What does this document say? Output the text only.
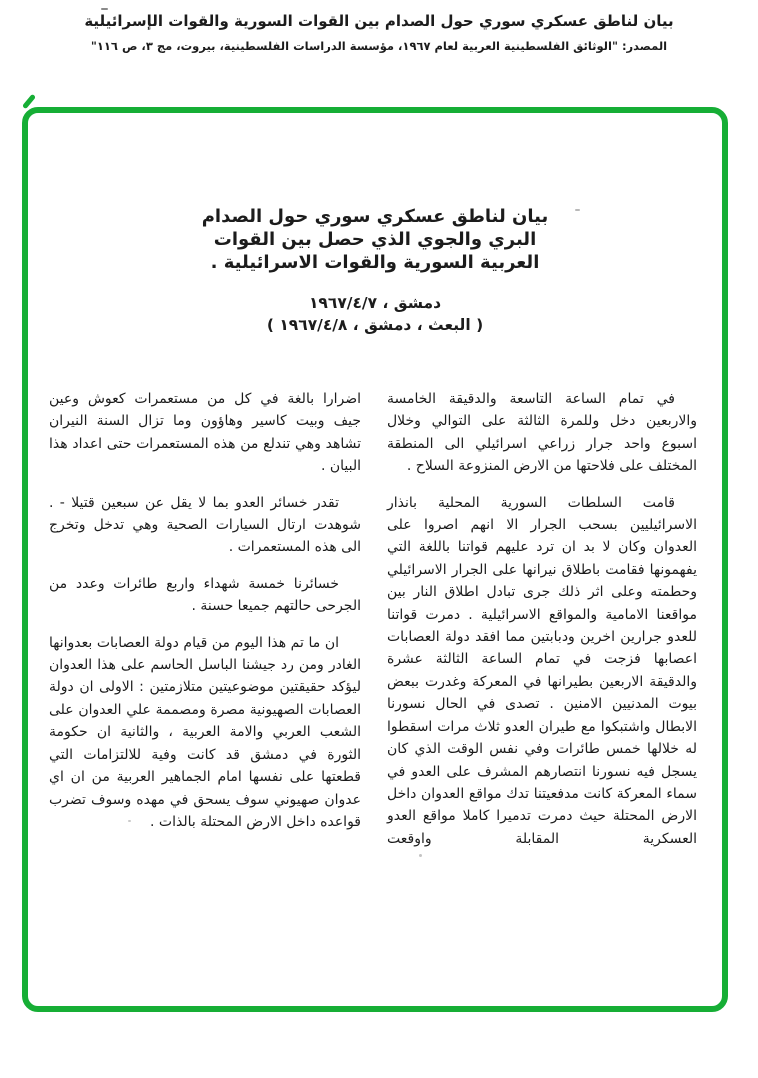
بيان لناطق عسكري سوري حول الصدام بين القوات السورية والقوات الإسرائيلية

المصدر: "الوثائق الفلسطينية العربية لعام ١٩٦٧، مؤسسة الدراسات الفلسطينية، بيروت، مج ٣، ص ١١٦"

بيان لناطق عسكري سوري حول الصدام
البري والجوي الذي حصل بين القوات
العربية السورية والقوات الاسرائيلية .
دمشق ، ١٩٦٧/٤/٧
( البعث ، دمشق ، ١٩٦٧/٤/٨ )

في تمام الساعة التاسعة والدقيقة الخامسة والاربعين دخل وللمرة الثالثة على التوالي وخلال اسبوع واحد جرار زراعي اسرائيلي الى المنطقة المختلف على فلاحتها من الارض المنزوعة السلاح .

قامت السلطات السورية المحلية بانذار الاسرائيليين بسحب الجرار الا انهم اصروا على العدوان وكان لا بد ان ترد عليهم قواتنا باللغة التي يفهمونها فقامت باطلاق نيرانها على الجرار الاسرائيلي وحطمته وعلى اثر ذلك جرى تبادل اطلاق النار بين مواقعنا الامامية والمواقع الاسرائيلية . دمرت قواتنا للعدو جرارين اخرين ودبابتين مما افقد دولة العصابات اعصابها فزجت في تمام الساعة الثالثة عشرة والدقيقة الاربعين بطيرانها في المعركة وغدرت ببعض بيوت المدنيين الامنين . تصدى في الحال نسورنا الابطال واشتبكوا مع طيران العدو ثلاث مرات اسقطوا له خلالها خمس طائرات وفي نفس الوقت الذي كان يسجل فيه نسورنا انتصارهم المشرف على العدو في سماء المعركة كانت مدفعيتنا تدك مواقع العدوان داخل الارض المحتلة حيث دمرت تدميرا كاملا مواقع العدو العسكرية المقابلة واوقعت

اضرارا بالغة في كل من مستعمرات كعوش وعين جيف وبيت كاسير وهاؤون وما تزال السنة النيران تشاهد وهي تندلع من هذه المستعمرات حتى اعداد هذا البيان .

تقدر خسائر العدو بما لا يقل عن سبعين قتيلا - . شوهدت ارتال السيارات الصحية وهي تدخل وتخرج الى هذه المستعمرات .

خسائرنا خمسة شهداء واربع طائرات وعدد من الجرحى حالتهم جميعا حسنة .

ان ما تم هذا اليوم من قيام دولة العصابات بعدوانها الغادر ومن رد جيشنا الباسل الحاسم على هذا العدوان ليؤكد حقيقتين موضوعيتين متلازمتين : الاولى ان دولة العصابات الصهيونية مصرة ومصممة علي العدوان على الشعب العربي والامة العربية ، والثانية ان حكومة الثورة في دمشق قد كانت وفية للالتزامات التي قطعتها على نفسها امام الجماهير العربية من ان اي عدوان صهيوني سوف يسحق في مهده وسوف تضرب قواعده داخل الارض المحتلة بالذات .
